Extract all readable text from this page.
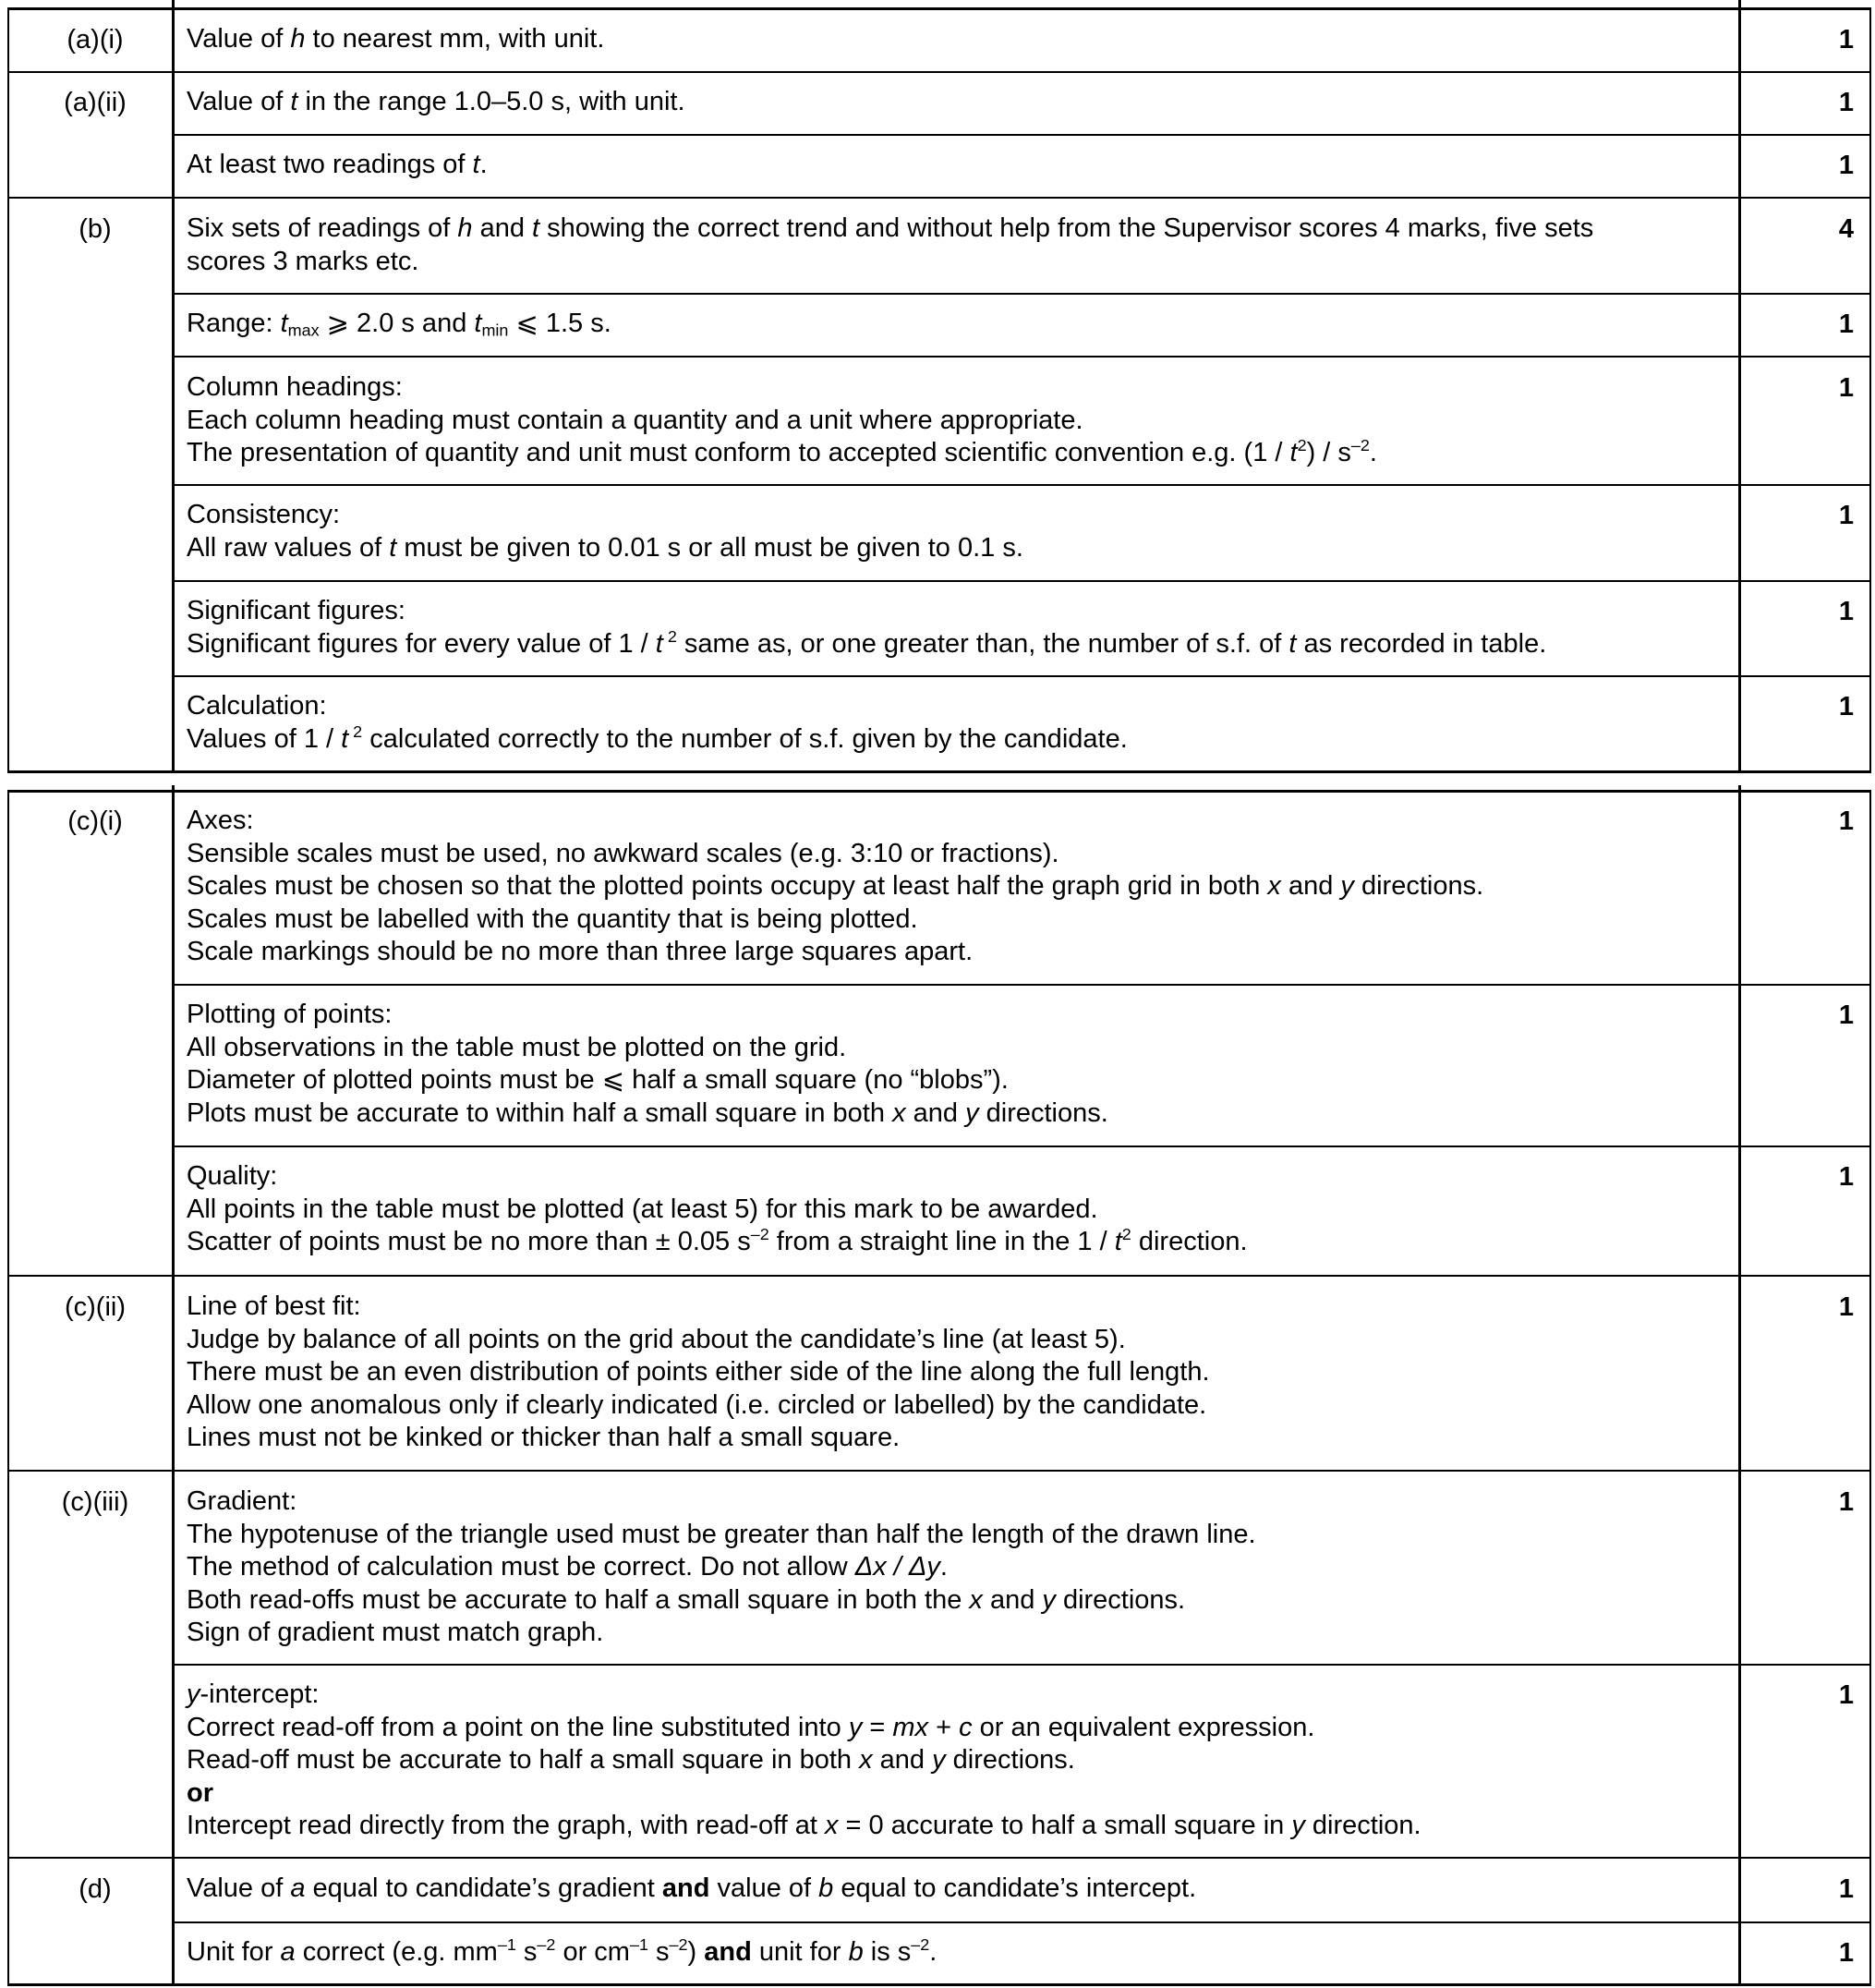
(a)(i)
(a)(ii)
(b)
(c)(i)
(c)(ii)
(c)(iii)
(d)
Value of h to nearest mm, with unit.
Value of t in the range 1.0–5.0 s, with unit.
At least two readings of t.
Six sets of readings of h and t showing the correct trend and without help from the Supervisor scores 4 marks, five sets
scores 3 marks etc.
Range: $t_{max}$ ⩾ 2.0 s and $t_{min}$ ⩽ 1.5 s.
Column headings:
Each column heading must contain a quantity and a unit where appropriate.
The presentation of quantity and unit must conform to accepted scientific convention e.g. $(1 / t^2) / s^{-2}$.
Consistency:
All raw values of t must be given to 0.01 s or all must be given to 0.1 s.
Significant figures:
Significant figures for every value of 1 / t $^2$ same as, or one greater than, the number of s.f. of t as recorded in table.
Calculation:
Values of 1 / t $^2$ calculated correctly to the number of s.f. given by the candidate.
Axes:
Sensible scales must be used, no awkward scales (e.g. 3:10 or fractions).
Scales must be chosen so that the plotted points occupy at least half the graph grid in both x and y directions.
Scales must be labelled with the quantity that is being plotted.
Scale markings should be no more than three large squares apart.
Plotting of points:
All observations in the table must be plotted on the grid.
Diameter of plotted points must be ⩽ half a small square (no “blobs”).
Plots must be accurate to within half a small square in both x and y directions.
Quality:
All points in the table must be plotted (at least 5) for this mark to be awarded.
Scatter of points must be no more than ± 0.05 $s^{-2}$ from a straight line in the $1 / t^2$ direction.
Line of best fit:
Judge by balance of all points on the grid about the candidate’s line (at least 5).
There must be an even distribution of points either side of the line along the full length.
Allow one anomalous only if clearly indicated (i.e. circled or labelled) by the candidate.
Lines must not be kinked or thicker than half a small square.
Gradient:
The hypotenuse of the triangle used must be greater than half the length of the drawn line.
The method of calculation must be correct. Do not allow Δx / Δy.
Both read-offs must be accurate to half a small square in both the x and y directions.
Sign of gradient must match graph.
y-intercept:
Correct read-off from a point on the line substituted into y = mx + c or an equivalent expression.
Read-off must be accurate to half a small square in both x and y directions.
or
Intercept read directly from the graph, with read-off at x = 0 accurate to half a small square in y direction.
Value of a equal to candidate’s gradient and value of b equal to candidate’s intercept.
Unit for a correct (e.g. $mm^{-1}$ $s^{-2}$ or $cm^{-1}$ $s^{-2}$) and unit for b is $s^{-2}$.
1
1
1
4
1
1
1
1
1
1
1
1
1
1
1
1
1
